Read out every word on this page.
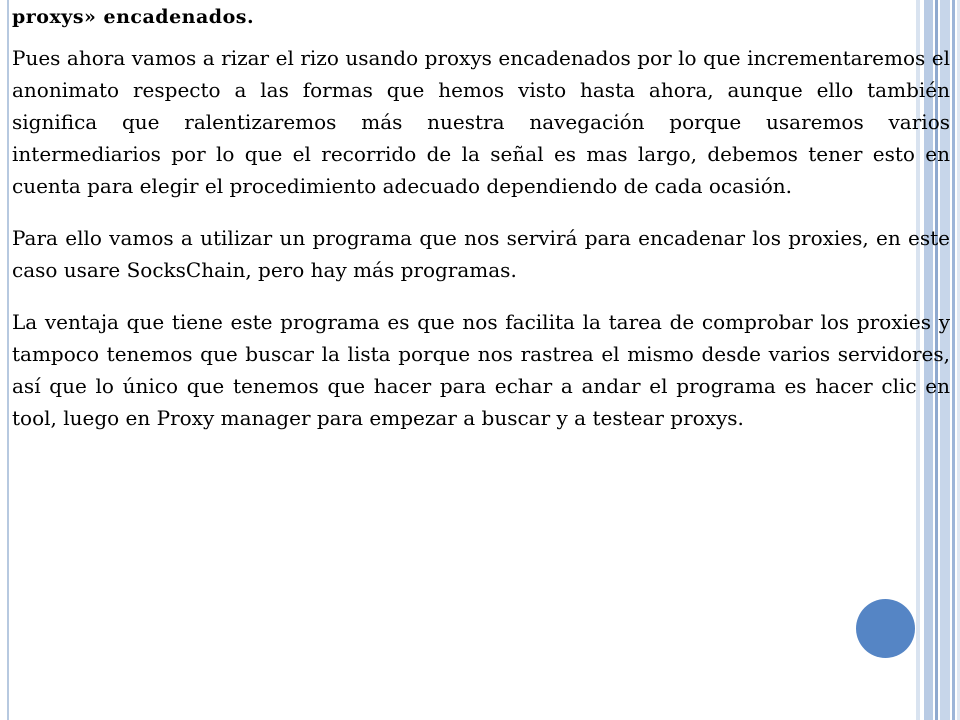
proxys» encadenados.

Pues ahora vamos a rizar el rizo usando proxys encadenados por lo que incrementaremos el anonimato respecto a las formas que hemos visto hasta ahora, aunque ello también significa que ralentizaremos más nuestra navegación porque usaremos varios intermediarios por lo que el recorrido de la señal es mas largo, debemos tener esto en cuenta para elegir el procedimiento adecuado dependiendo de cada ocasión.

Para ello vamos a utilizar un programa que nos servirá para encadenar los proxies, en este caso usare SocksChain, pero hay más programas.

La ventaja que tiene este programa es que nos facilita la tarea de comprobar los proxies y tampoco tenemos que buscar la lista porque nos rastrea el mismo desde varios servidores, así que lo único que tenemos que hacer para echar a andar el programa es hacer clic en tool, luego en Proxy manager para empezar a buscar y a testear proxys.
